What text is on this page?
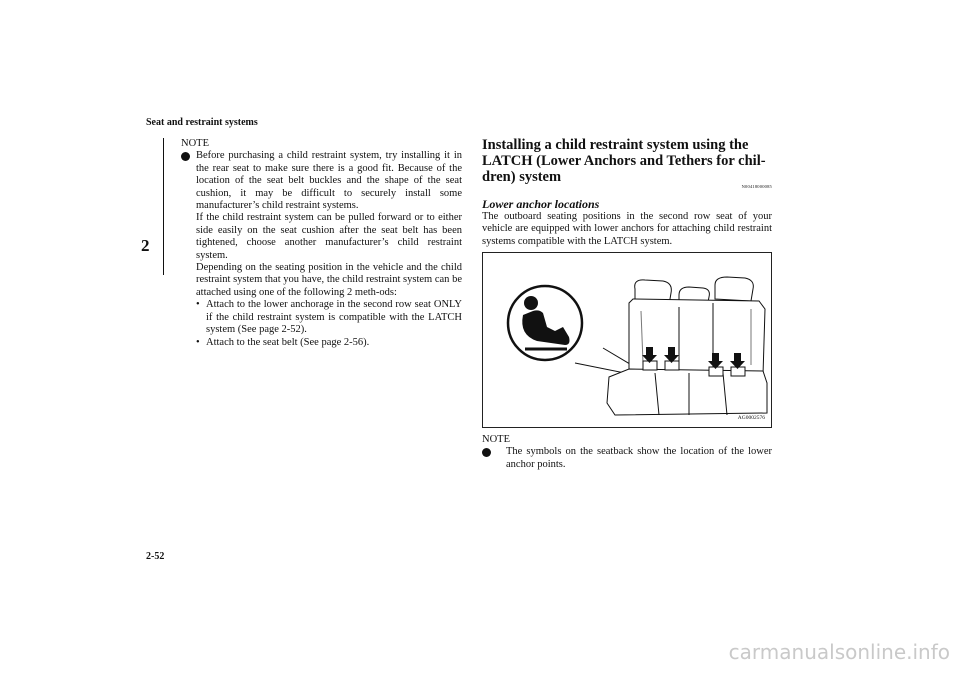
Seat and restraint systems
2
NOTE

Before purchasing a child restraint system, try installing it in the rear seat to make sure there is a good fit. Because of the location of the seat belt buckles and the shape of the seat cushion, it may be difficult to securely install some manufacturer’s child restraint systems.

If the child restraint system can be pulled forward or to either side easily on the seat cushion after the seat belt has been tightened, choose another manufacturer’s child restraint system.

Depending on the seating position in the vehicle and the child restraint system that you have, the child restraint system can be attached using one of the following 2 meth-ods:

• Attach to the lower anchorage in the second row seat ONLY if the child restraint system is compatible with the LATCH system (See page 2-52).
• Attach to the seat belt (See page 2-56).
Installing a child restraint system using the LATCH (Lower Anchors and Tethers for chil-dren) system
N00418000085
Lower anchor locations

The outboard seating positions in the second row seat of your vehicle are equipped with lower anchors for attaching child restraint systems compatible with the LATCH system.

AG0002576
NOTE

The symbols on the seatback show the location of the lower anchor points.

2-52
carmanualsonline.info
